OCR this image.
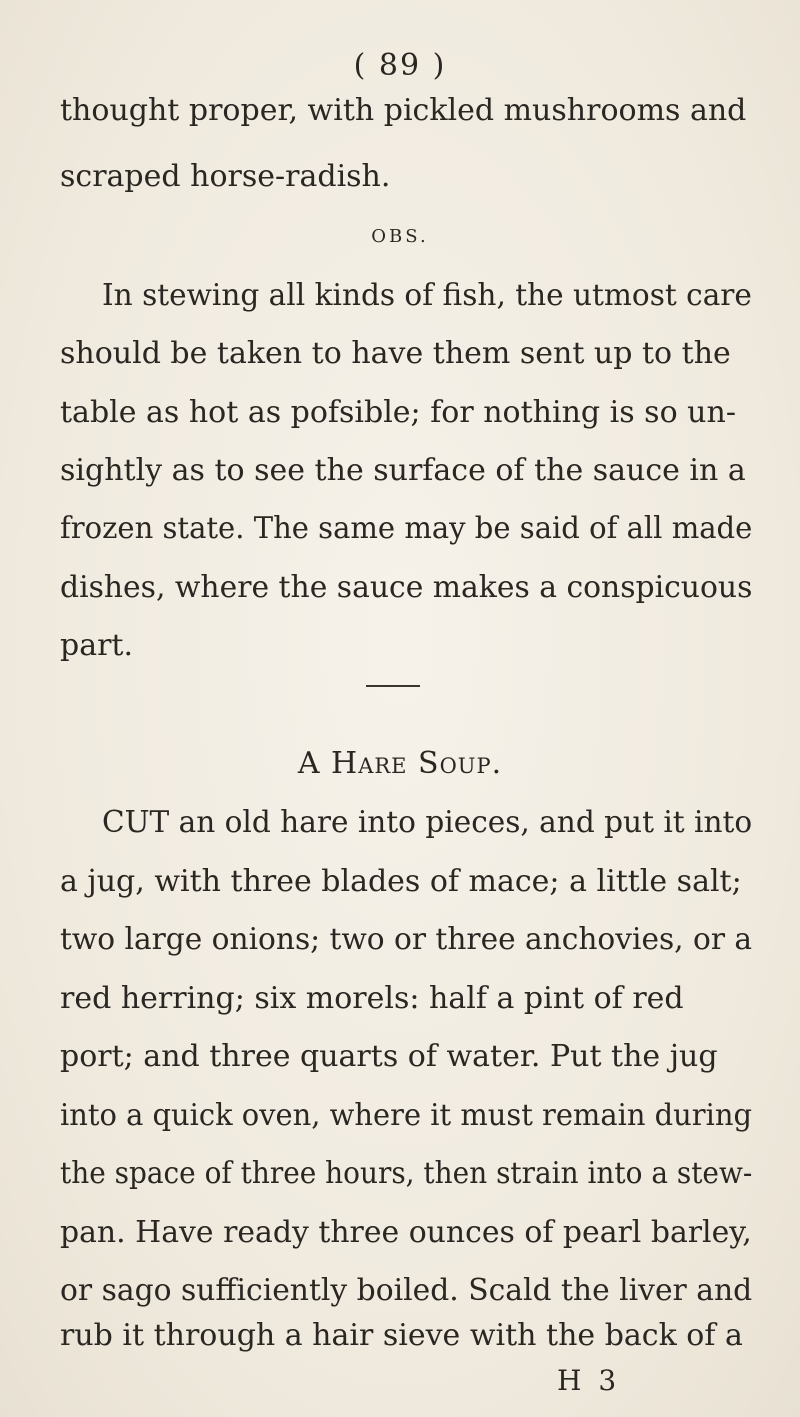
( 89 )
thought proper, with pickled mushrooms and
scraped horse-radish.
OBS.
In stewing all kinds of fish, the utmost care
should be taken to have them sent up to the
table as hot as pofsible; for nothing is so un-
sightly as to see the surface of the sauce in a
frozen state. The same may be said of all made
dishes, where the sauce makes a conspicuous
part.
A Hare Soup.
CUT an old hare into pieces, and put it into
a jug, with three blades of mace; a little salt;
two large onions; two or three anchovies, or a
red herring; six morels: half a pint of red
port; and three quarts of water. Put the jug
into a quick oven, where it must remain during
the space of three hours, then strain into a stew-
pan. Have ready three ounces of pearl barley,
or sago sufficiently boiled. Scald the liver and
rub it through a hair sieve with the back of a
H 3
